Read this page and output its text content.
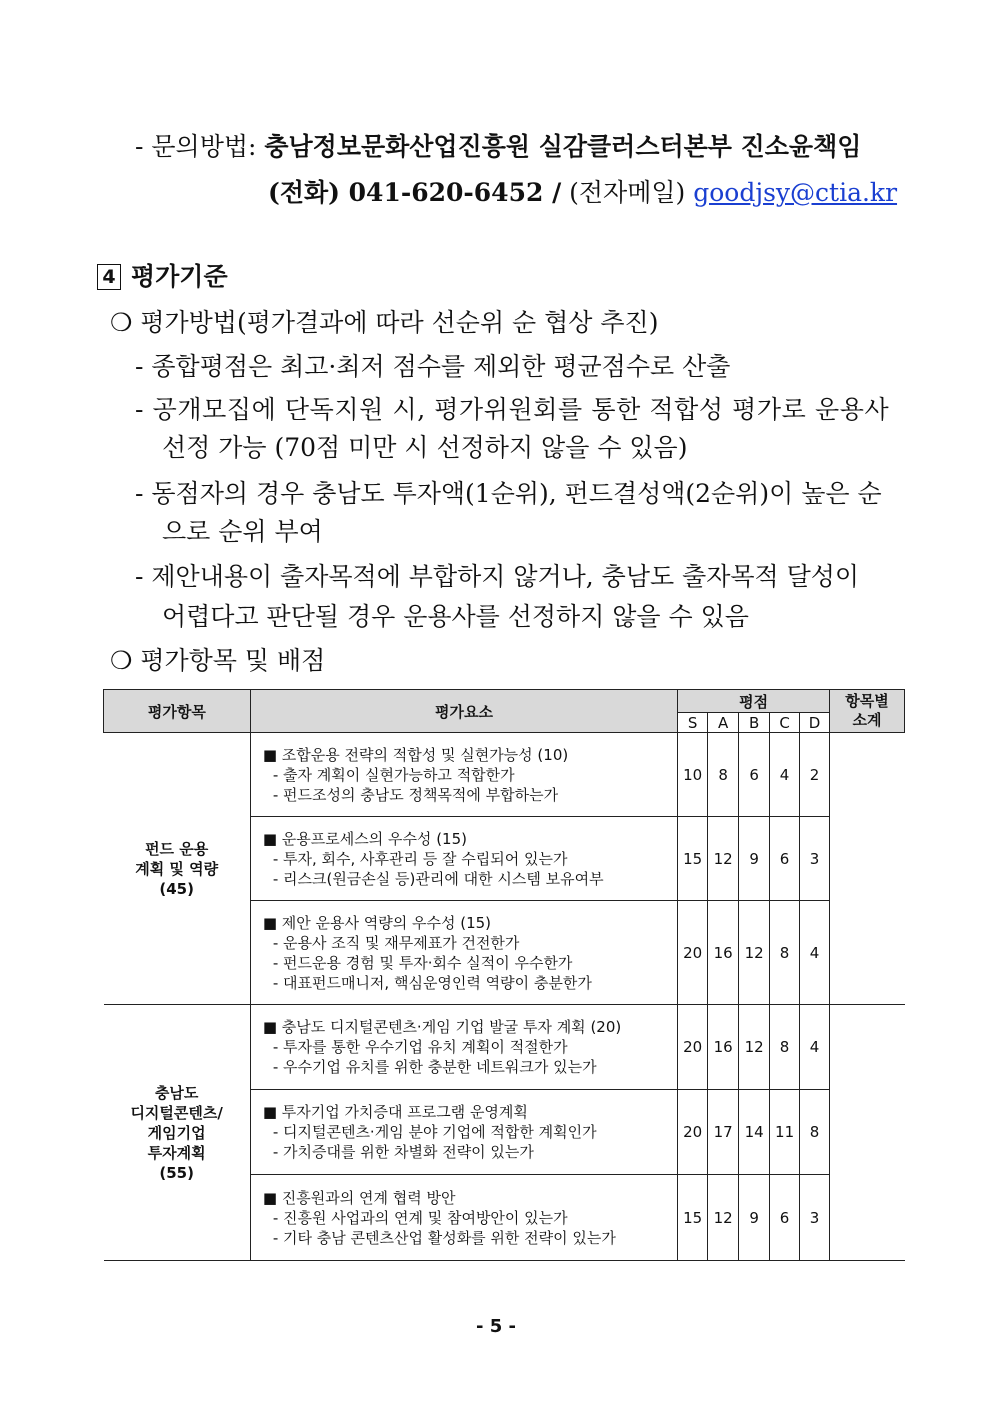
- 문의방법: 충남정보문화산업진흥원 실감클러스터본부 진소윤책임
(전화) 041-620-6452 / (전자메일) goodjsy@ctia.kr
4 평가기준
❍ 평가방법(평가결과에 따라 선순위 순 협상 추진)
- 종합평점은 최고·최저 점수를 제외한 평균점수로 산출
- 공개모집에 단독지원 시, 평가위원회를 통한 적합성 평가로 운용사
선정 가능 (70점 미만 시 선정하지 않을 수 있음)
- 동점자의 경우 충남도 투자액(1순위), 펀드결성액(2순위)이 높은 순
으로 순위 부여
- 제안내용이 출자목적에 부합하지 않거나, 충남도 출자목적 달성이
어렵다고 판단될 경우 운용사를 선정하지 않을 수 있음
❍ 평가항목 및 배점
평가항목	평가요소	평점					항목별
소계
		S	A	B	C	D	
펀드 운용
계획 및 역량
(45)	■ 조합운용 전략의 적합성 및 실현가능성 (10)
- 출자 계획이 실현가능하고 적합한가
- 펀드조성의 충남도 정책목적에 부합하는가	10	8	6	4	2	
	■ 운용프로세스의 우수성 (15)
- 투자, 회수, 사후관리 등 잘 수립되어 있는가
- 리스크(원금손실 등)관리에 대한 시스템 보유여부	15	12	9	6	3	
	■ 제안 운용사 역량의 우수성 (15)
- 운용사 조직 및 재무제표가 건전한가
- 펀드운용 경험 및 투자·회수 실적이 우수한가
- 대표펀드매니저, 핵심운영인력 역량이 충분한가	20	16	12	8	4	
충남도
디지털콘텐츠/
게임기업
투자계획
(55)	■ 충남도 디지털콘텐츠·게임 기업 발굴 투자 계획 (20)
- 투자를 통한 우수기업 유치 계획이 적절한가
- 우수기업 유치를 위한 충분한 네트워크가 있는가	20	16	12	8	4	
	■ 투자기업 가치증대 프로그램 운영계획
- 디지털콘텐츠·게임 분야 기업에 적합한 계획인가
- 가치증대를 위한 차별화 전략이 있는가	20	17	14	11	8	
	■ 진흥원과의 연계 협력 방안
- 진흥원 사업과의 연계 및 참여방안이 있는가
- 기타 충남 콘텐츠산업 활성화를 위한 전략이 있는가	15	12	9	6	3	
- 5 -
